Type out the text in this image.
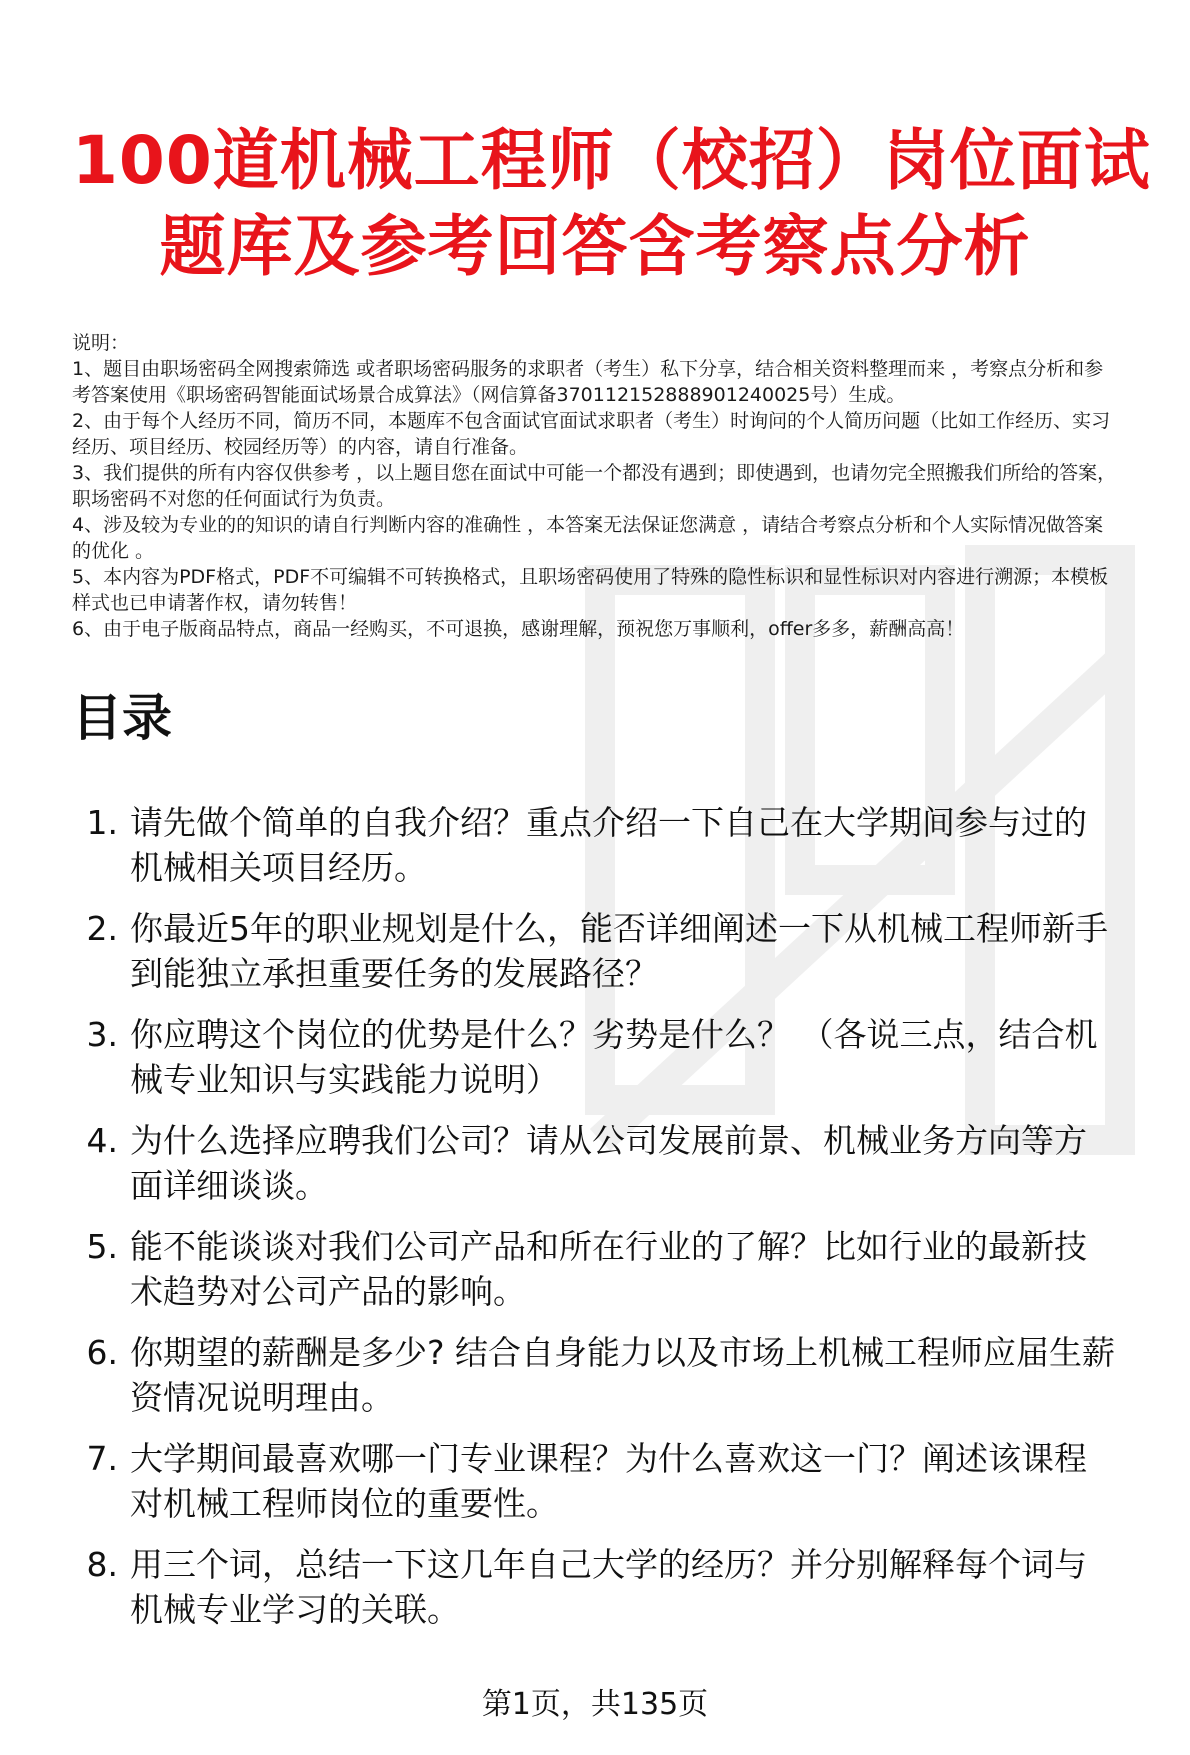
100道机械工程师（校招）岗位面试
题库及参考回答含考察点分析
说明：
1、题目由职场密码全网搜索筛选 或者职场密码服务的求职者（考生）私下分享，结合相关资料整理而来 ，考察点分析和参考答案使用《职场密码智能面试场景合成算法》（网信算备370112152888901240025号）生成。
2、由于每个人经历不同，简历不同，本题库不包含面试官面试求职者（考生）时询问的个人简历问题（比如工作经历、实习经历、项目经历、校园经历等）的内容，请自行准备。
3、我们提供的所有内容仅供参考 ，以上题目您在面试中可能一个都没有遇到；即使遇到，也请勿完全照搬我们所给的答案，职场密码不对您的任何面试行为负责。
4、涉及较为专业的的知识的请自行判断内容的准确性 ，本答案无法保证您满意 ，请结合考察点分析和个人实际情况做答案的优化 。
5、本内容为PDF格式，PDF不可编辑不可转换格式，且职场密码使用了特殊的隐性标识和显性标识对内容进行溯源；本模板样式也已申请著作权，请勿转售！
6、由于电子版商品特点，商品一经购买，不可退换，感谢理解，预祝您万事顺利，offer多多，薪酬高高！
目录
1. 请先做个简单的自我介绍？重点介绍一下自己在大学期间参与过的机械相关项目经历。
2. 你最近5年的职业规划是什么，能否详细阐述一下从机械工程师新手到能独立承担重要任务的发展路径？
3. 你应聘这个岗位的优势是什么？劣势是什么？ （各说三点，结合机械专业知识与实践能力说明）
4. 为什么选择应聘我们公司？请从公司发展前景、机械业务方向等方面详细谈谈。
5. 能不能谈谈对我们公司产品和所在行业的了解？比如行业的最新技术趋势对公司产品的影响。
6. 你期望的薪酬是多少? 结合自身能力以及市场上机械工程师应届生薪资情况说明理由。
7. 大学期间最喜欢哪一门专业课程？为什么喜欢这一门？阐述该课程对机械工程师岗位的重要性。
8. 用三个词，总结一下这几年自己大学的经历？并分别解释每个词与机械专业学习的关联。
第1页，共135页
